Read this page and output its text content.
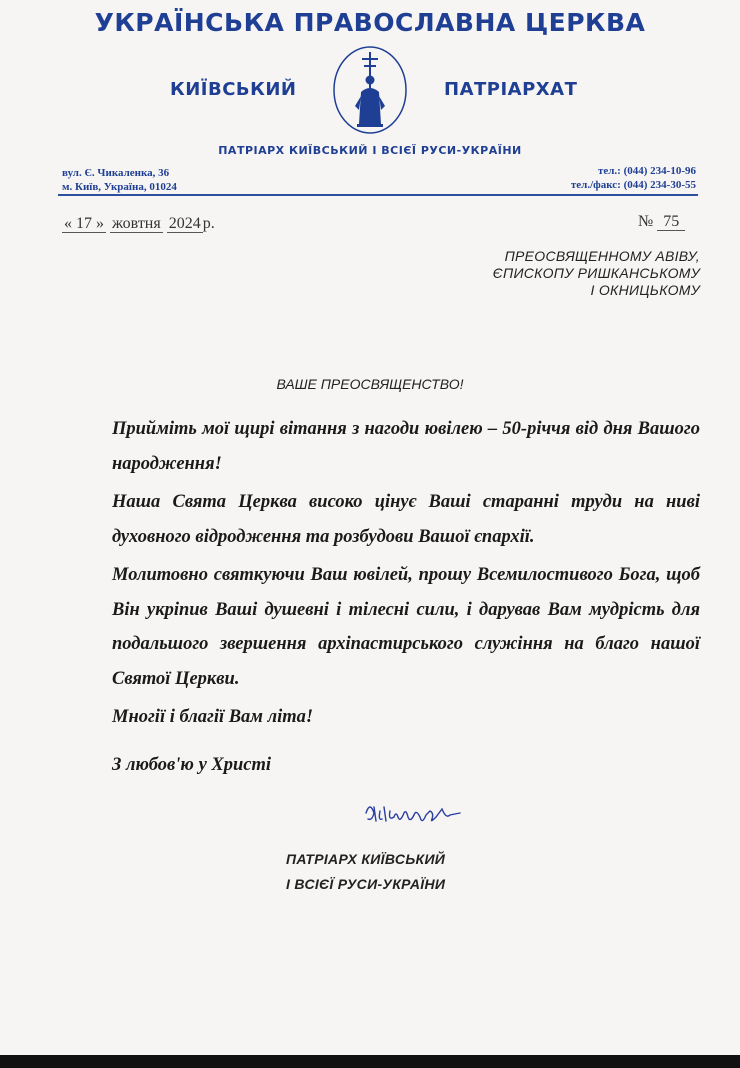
УКРАЇНСЬКА ПРАВОСЛАВНА ЦЕРКВА
КИЇВСЬКИЙ	ПАТРІАРХАТ
ПАТРІАРХ КИЇВСЬКИЙ І ВСІЄЇ РУСИ-УКРАЇНИ
вул. Є. Чикаленка, 36
м. Київ, Україна, 01024
тел.: (044) 234-10-96
тел./факс: (044) 234-30-55
« 17 » жовтня 2024 р.	№ 75
ПРЕОСВЯЩЕННОМУ АВІВУ,
ЄПИСКОПУ РИШКАНСЬКОМУ
І ОКНИЦЬКОМУ
ВАШЕ ПРЕОСВЯЩЕНСТВО!

Прийміть мої щирі вітання з нагоди ювілею – 50-річчя від дня Вашого народження!

Наша Свята Церква високо цінує Ваші старанні труди на ниві духовного відродження та розбудови Вашої єпархії.

Молитовно святкуючи Ваш ювілей, прошу Всемилостивого Бога, щоб Він укріпив Ваші душевні і тілесні сили, і дарував Вам мудрість для подальшого звершення архіпастирського служіння на благо нашої Святої Церкви.

Многії і благії Вам літа!

З любов'ю у Христі
ПАТРІАРХ КИЇВСЬКИЙ
І ВСІЄЇ РУСИ-УКРАЇНИ
